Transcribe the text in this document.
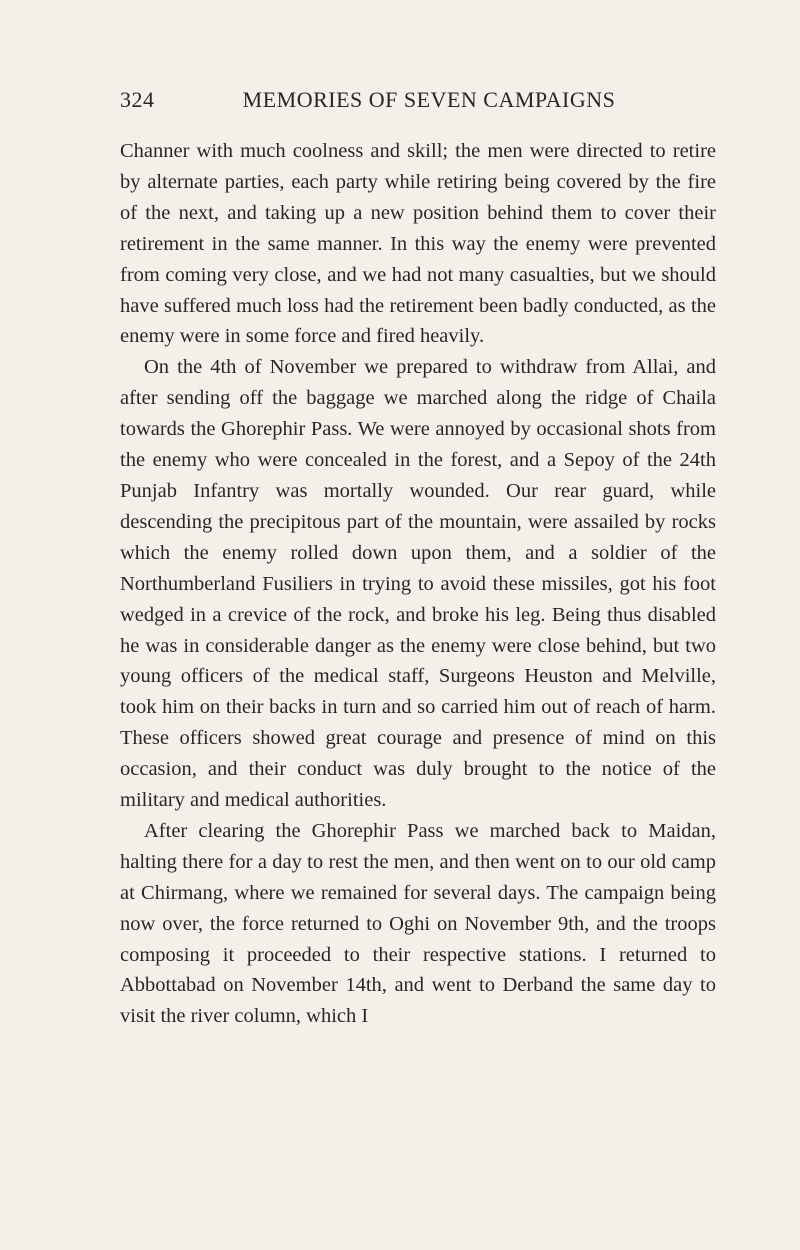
324	MEMORIES OF SEVEN CAMPAIGNS

Channer with much coolness and skill; the men were directed to retire by alternate parties, each party while retiring being covered by the fire of the next, and taking up a new position behind them to cover their retirement in the same manner. In this way the enemy were prevented from coming very close, and we had not many casualties, but we should have suffered much loss had the retirement been badly conducted, as the enemy were in some force and fired heavily.

On the 4th of November we prepared to withdraw from Allai, and after sending off the baggage we marched along the ridge of Chaila towards the Ghorephir Pass. We were annoyed by occasional shots from the enemy who were concealed in the forest, and a Sepoy of the 24th Punjab Infantry was mortally wounded. Our rear guard, while descending the precipitous part of the mountain, were assailed by rocks which the enemy rolled down upon them, and a soldier of the Northumberland Fusiliers in trying to avoid these missiles, got his foot wedged in a crevice of the rock, and broke his leg. Being thus disabled he was in considerable danger as the enemy were close behind, but two young officers of the medical staff, Surgeons Heuston and Melville, took him on their backs in turn and so carried him out of reach of harm. These officers showed great courage and presence of mind on this occasion, and their conduct was duly brought to the notice of the military and medical authorities.

After clearing the Ghorephir Pass we marched back to Maidan, halting there for a day to rest the men, and then went on to our old camp at Chirmang, where we remained for several days. The campaign being now over, the force returned to Oghi on November 9th, and the troops composing it proceeded to their respective stations. I returned to Abbottabad on November 14th, and went to Derband the same day to visit the river column, which I
